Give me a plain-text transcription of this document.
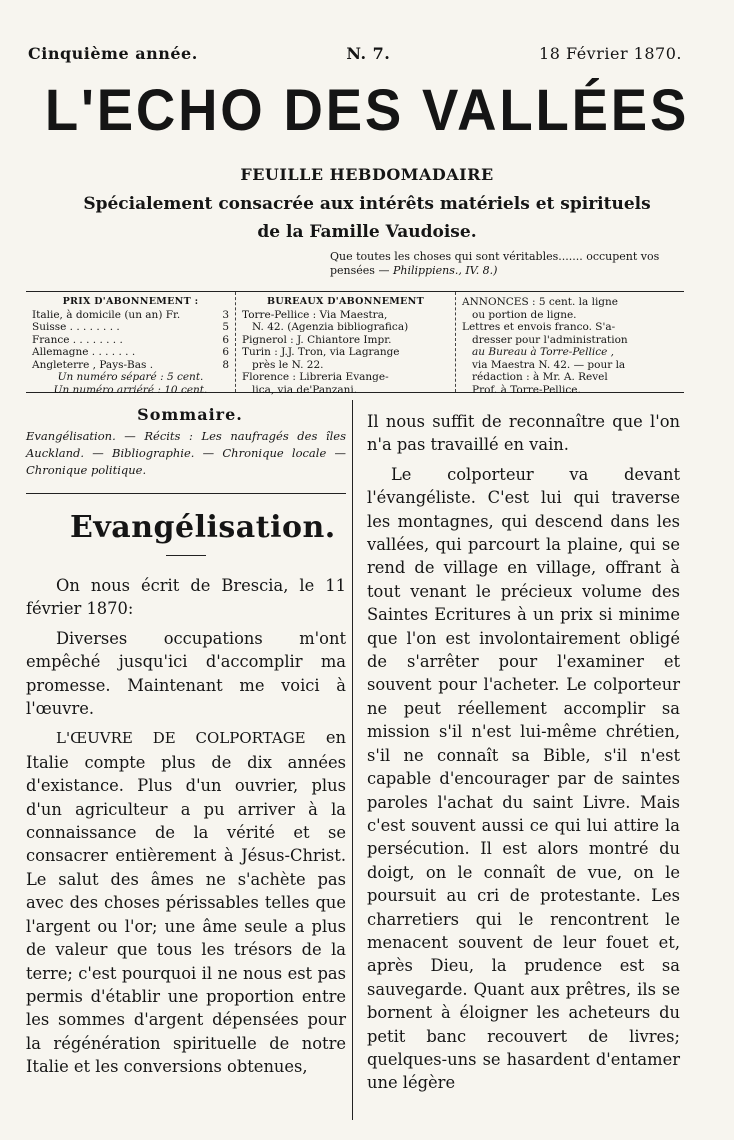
Cinquième année.	N. 7.	18 Février 1870.
L'ECHO DES VALLÉES
FEUILLE HEBDOMADAIRE
Spécialement consacrée aux intérêts matériels et spirituels
de la Famille Vaudoise.
Que toutes les choses qui sont véritables....... occupent vos pensées — Philippiens., IV. 8.)
PRIX D'ABONNEMENT :
Italie, à domicile (un an) Fr.	3
Suisse . . . . . . . .	5
France . . . . . . . .	6
Allemagne . . . . . . .	6
Angleterre , Pays-Bas .	8
Un numéro séparé : 5 cent.
Un numéro arriéré : 10 cent.
BUREAUX D'ABONNEMENT
Torre-Pellice : Via Maestra,
N. 42. (Agenzia bibliografica)
Pignerol : J. Chiantore Impr.
Turin : J.J. Tron, via Lagrange
près le N. 22.
Florence : Libreria Evange-
lica, via de'Panzani.
ANNONCES : 5 cent. la ligne
ou portion de ligne.
Lettres et envois franco. S'a-
dresser pour l'administration
au Bureau à Torre-Pellice ,
via Maestra N. 42. — pour la
rédaction : à Mr. A. Revel
Prof. à Torre-Pellice.
Sommaire.
Evangélisation. — Récits : Les naufragés des îles Auckland. — Bibliographie. — Chronique locale — Chronique politique.
Evangélisation.
On nous écrit de Brescia, le 11 février 1870:
Diverses occupations m'ont empêché jusqu'ici d'accomplir ma promesse. Maintenant me voici à l'œuvre.
L'ŒUVRE DE COLPORTAGE en Italie compte plus de dix années d'existance. Plus d'un ouvrier, plus d'un agriculteur a pu arriver à la connaissance de la vérité et se consacrer entièrement à Jésus-Christ. Le salut des âmes ne s'achète pas avec des choses périssables telles que l'argent ou l'or; une âme seule a plus de valeur que tous les trésors de la terre; c'est pourquoi il ne nous est pas permis d'établir une proportion entre les sommes d'argent dépensées pour la régénération spirituelle de notre Italie et les conversions obtenues,
Il nous suffit de reconnaître que l'on n'a pas travaillé en vain.
Le colporteur va devant l'évangéliste. C'est lui qui traverse les montagnes, qui descend dans les vallées, qui parcourt la plaine, qui se rend de village en village, offrant à tout venant le précieux volume des Saintes Ecritures à un prix si minime que l'on est involontairement obligé de s'arrêter pour l'examiner et souvent pour l'acheter. Le colporteur ne peut réellement accomplir sa mission s'il n'est lui-même chrétien, s'il ne connaît sa Bible, s'il n'est capable d'encourager par de saintes paroles l'achat du saint Livre. Mais c'est souvent aussi ce qui lui attire la persécution. Il est alors montré du doigt, on le connaît de vue, on le poursuit au cri de protestante. Les charretiers qui le rencontrent le menacent souvent de leur fouet et, après Dieu, la prudence est sa sauvegarde. Quant aux prêtres, ils se bornent à éloigner les acheteurs du petit banc recouvert de livres; quelques-uns se hasardent d'entamer une légère
